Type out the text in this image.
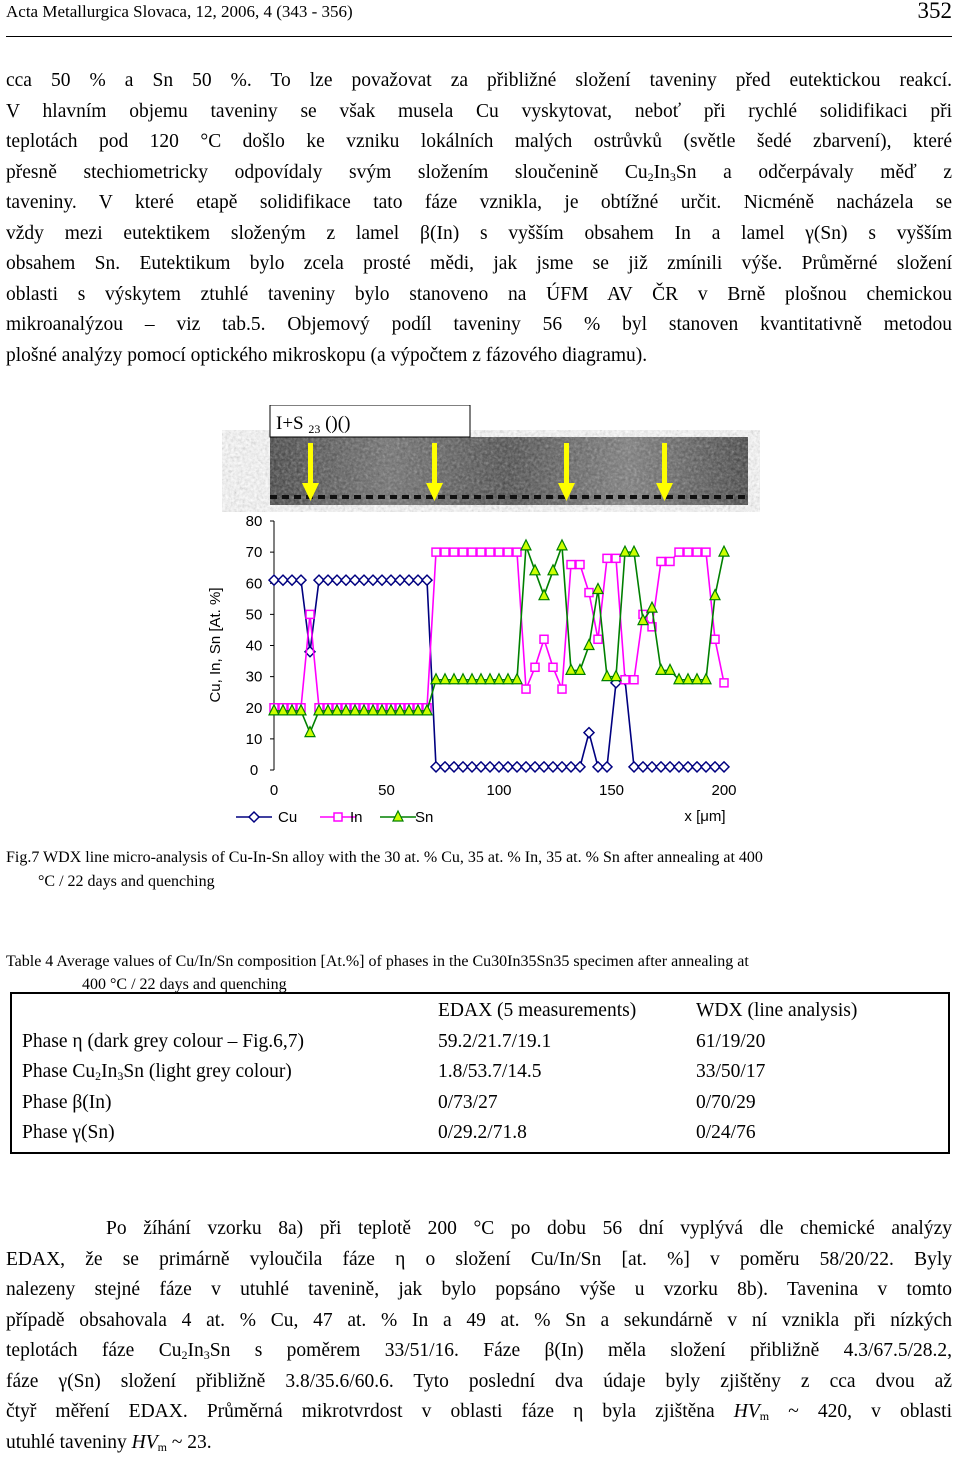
Acta Metallurgica Slovaca, 12, 2006, 4 (343 - 356)	352
cca 50 % a Sn 50 %. To lze považovat za přibližné složení taveniny před eutektickou reakcí.
V hlavním objemu taveniny se však musela Cu vyskytovat, neboť při rychlé solidifikaci při
teplotách pod 120 °C došlo ke vzniku lokálních malých ostrůvků (světle šedé zbarvení), které
přesně stechiometricky odpovídaly svým složením sloučenině $Cu_2In_3Sn$ a odčerpávaly měď z
taveniny. V které etapě solidifikace tato fáze vznikla, je obtížné určit. Nicméně nacházela se
vždy mezi eutektikem složeným z lamel β(In) s vyšším obsahem In a lamel γ(Sn) s vyšším
obsahem Sn. Eutektikum bylo zcela prosté mědi, jak jsme se již zmínili výše. Průměrné složení
oblasti s výskytem ztuhlé taveniny bylo stanoveno na ÚFM AV ČR v Brně plošnou chemickou
mikroanalýzou – viz tab.5. Objemový podíl taveniny 56 % byl stanoven kvantitativně metodou
plošné analýzy pomocí optického mikroskopu (a výpočtem z fázového diagramu).
I+S $_{23}$ ()()
0
10
20
30
40
50
60
70
80
0	50	100	150	200
Cu, In, Sn [At. %]
x [μm]
Cu	In	Sn
Fig.7 WDX line micro-analysis of Cu-In-Sn alloy with the 30 at. % Cu, 35 at. % In, 35 at. % Sn after annealing at 400
°C / 22 days and quenching
Table 4 Average values of Cu/In/Sn composition [At.%] of phases in the Cu30In35Sn35 specimen after annealing at
400 °C / 22 days and quenching
	EDAX (5 measurements)	WDX (line analysis)
Phase η (dark grey colour – Fig.6,7)	59.2/21.7/19.1	61/19/20
Phase $Cu_2In_3Sn$ (light grey colour)	1.8/53.7/14.5	33/50/17
Phase β(In)	0/73/27	0/70/29
Phase γ(Sn)	0/29.2/71.8	0/24/76
Po žíhání vzorku 8a) při teplotě 200 °C po dobu 56 dní vyplývá dle chemické analýzy
EDAX, že se primárně vyloučila fáze η o složení Cu/In/Sn [at. %] v poměru 58/20/22. Byly
nalezeny stejné fáze v utuhlé tavenině, jak bylo popsáno výše u vzorku 8b). Tavenina v tomto
případě obsahovala 4 at. % Cu, 47 at. % In a 49 at. % Sn a sekundárně v ní vznikla při nízkých
teplotách fáze $Cu_2In_3Sn$ s poměrem 33/51/16. Fáze β(In) měla složení přibližně 4.3/67.5/28.2,
fáze γ(Sn) složení přibližně 3.8/35.6/60.6. Tyto poslední dva údaje byly zjištěny z cca dvou až
čtyř měření EDAX. Průměrná mikrotvrdost v oblasti fáze η byla zjištěna $HV_m$ ~ 420, v oblasti
utuhlé taveniny $HV_m$ ~ 23.
